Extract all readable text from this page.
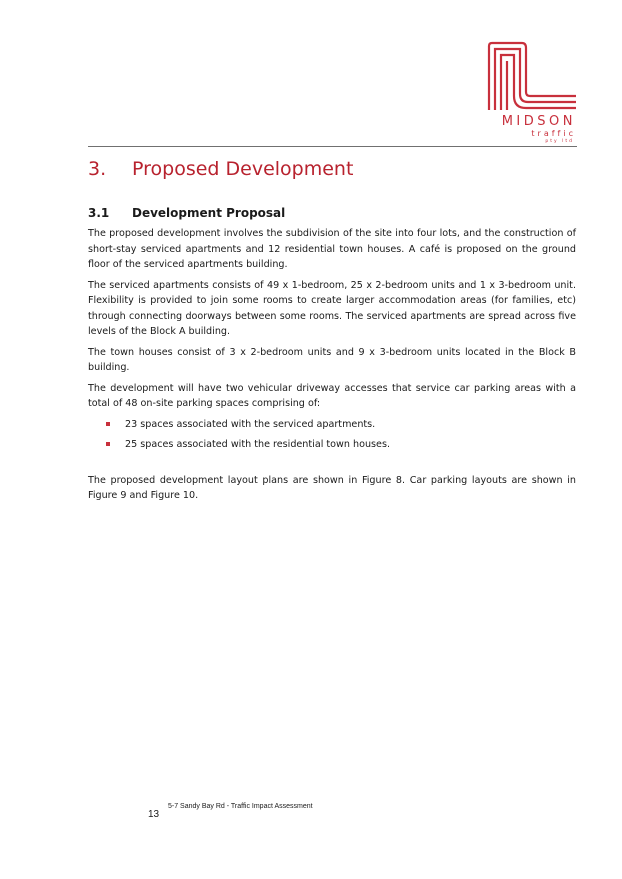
MIDSON
traffic
pty ltd
3. Proposed Development
3.1 Development Proposal

The proposed development involves the subdivision of the site into four lots, and the construction of short-stay serviced apartments and 12 residential town houses. A café is proposed on the ground floor of the serviced apartments building.

The serviced apartments consists of 49 x 1-bedroom, 25 x 2-bedroom units and 1 x 3-bedroom unit. Flexibility is provided to join some rooms to create larger accommodation areas (for families, etc) through connecting doorways between some rooms. The serviced apartments are spread across five levels of the Block A building.

The town houses consist of 3 x 2-bedroom units and 9 x 3-bedroom units located in the Block B building.

The development will have two vehicular driveway accesses that service car parking areas with a total of 48 on-site parking spaces comprising of:

23 spaces associated with the serviced apartments.
25 spaces associated with the residential town houses.

The proposed development layout plans are shown in Figure 8. Car parking layouts are shown in Figure 9 and Figure 10.

13
5-7 Sandy Bay Rd - Traffic Impact Assessment
